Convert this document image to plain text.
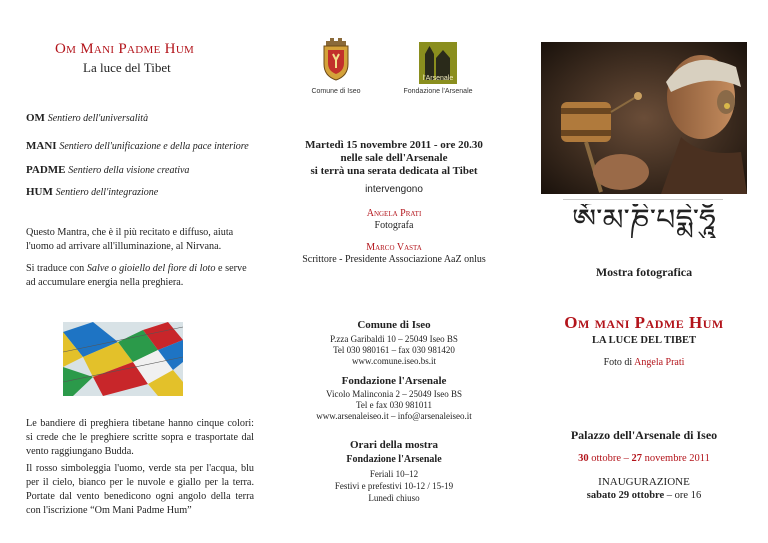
Om Mani Padme Hum
La luce del Tibet
OM Sentiero dell'universalità
MANI Sentiero dell'unificazione e della pace interiore
PADME Sentiero della visione creativa
HUM Sentiero dell'integrazione
Questo Mantra, che è il più recitato e diffuso, aiuta l'uomo ad arrivare all'illuminazione, al Nirvana.
Si traduce con Salve o gioiello del fiore di loto e serve ad accumulare energia nella preghiera.
Le bandiere di preghiera tibetane hanno cinque colori: si crede che le preghiere scritte sopra e trasportate dal vento raggiungano Budda.
Il rosso simboleggia l'uomo, verde sta per l'acqua, blu per il cielo, bianco per le nuvole e giallo per la terra. Portate dal vento benedicono ogni angolo della terra con l'iscrizione “Om Mani Padme Hum”
Comune di Iseo
l'Arsenale
Fondazione l'Arsenale
Martedì 15 novembre 2011 - ore 20.30
nelle sale dell'Arsenale
si terrà una serata dedicata al Tibet
intervengono
Angela Prati
Fotografa
Marco Vasta
Scrittore - Presidente Associazione AaZ onlus
Comune di Iseo
P.zza Garibaldi 10 – 25049 Iseo BS
Tel 030 980161 – fax 030 981420
www.comune.iseo.bs.it
Fondazione l'Arsenale
Vicolo Malinconia 2 – 25049 Iseo BS
Tel e fax 030 981011
www.arsenaleiseo.it – info@arsenaleiseo.it
Orari della mostra
Fondazione l'Arsenale
Feriali 10–12
Festivi e prefestivi 10-12 / 15-19
Lunedì chiuso
ༀ་མ་ཎི་པདྨེ་ཧཱུྃ
Mostra fotografica
Om mani Padme Hum
LA LUCE DEL TIBET
Foto di Angela Prati
Palazzo dell'Arsenale di Iseo
30 ottobre – 27 novembre 2011
INAUGURAZIONE
sabato 29 ottobre – ore 16
